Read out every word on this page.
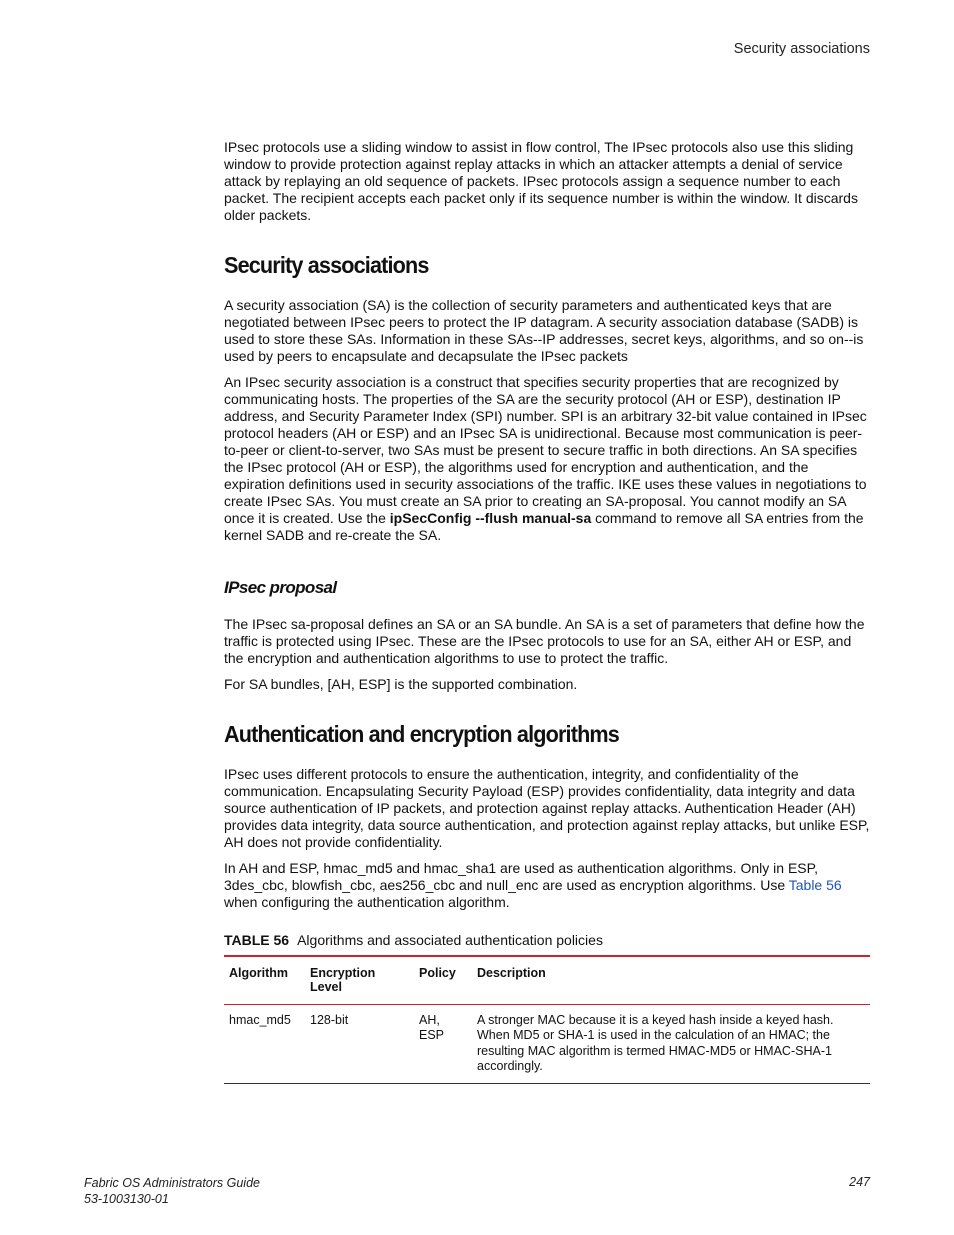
Security associations

IPsec protocols use a sliding window to assist in flow control, The IPsec protocols also use this sliding window to provide protection against replay attacks in which an attacker attempts a denial of service attack by replaying an old sequence of packets. IPsec protocols assign a sequence number to each packet. The recipient accepts each packet only if its sequence number is within the window. It discards older packets.

Security associations

A security association (SA) is the collection of security parameters and authenticated keys that are negotiated between IPsec peers to protect the IP datagram. A security association database (SADB) is used to store these SAs. Information in these SAs--IP addresses, secret keys, algorithms, and so on--is used by peers to encapsulate and decapsulate the IPsec packets

An IPsec security association is a construct that specifies security properties that are recognized by communicating hosts. The properties of the SA are the security protocol (AH or ESP), destination IP address, and Security Parameter Index (SPI) number. SPI is an arbitrary 32-bit value contained in IPsec protocol headers (AH or ESP) and an IPsec SA is unidirectional. Because most communication is peer-to-peer or client-to-server, two SAs must be present to secure traffic in both directions. An SA specifies the IPsec protocol (AH or ESP), the algorithms used for encryption and authentication, and the expiration definitions used in security associations of the traffic. IKE uses these values in negotiations to create IPsec SAs. You must create an SA prior to creating an SA-proposal. You cannot modify an SA once it is created. Use the ipSecConfig --flush manual-sa command to remove all SA entries from the kernel SADB and re-create the SA.

IPsec proposal

The IPsec sa-proposal defines an SA or an SA bundle. An SA is a set of parameters that define how the traffic is protected using IPsec. These are the IPsec protocols to use for an SA, either AH or ESP, and the encryption and authentication algorithms to use to protect the traffic.

For SA bundles, [AH, ESP] is the supported combination.

Authentication and encryption algorithms

IPsec uses different protocols to ensure the authentication, integrity, and confidentiality of the communication. Encapsulating Security Payload (ESP) provides confidentiality, data integrity and data source authentication of IP packets, and protection against replay attacks. Authentication Header (AH) provides data integrity, data source authentication, and protection against replay attacks, but unlike ESP, AH does not provide confidentiality.

In AH and ESP, hmac_md5 and hmac_sha1 are used as authentication algorithms. Only in ESP, 3des_cbc, blowfish_cbc, aes256_cbc and null_enc are used as encryption algorithms. Use Table 56 when configuring the authentication algorithm.

TABLE 56 Algorithms and associated authentication policies
Algorithm	Encryption Level	Policy	Description
hmac_md5	128-bit	AH, ESP	A stronger MAC because it is a keyed hash inside a keyed hash. When MD5 or SHA-1 is used in the calculation of an HMAC; the resulting MAC algorithm is termed HMAC-MD5 or HMAC-SHA-1 accordingly.
Fabric OS Administrators Guide
53-1003130-01
247
